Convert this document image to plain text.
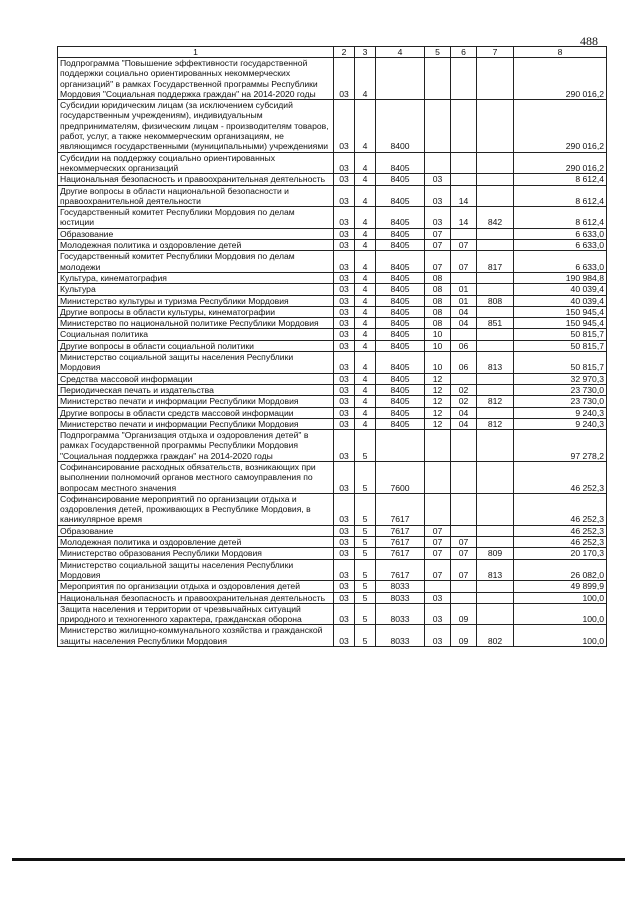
488
1	2	3	4	5	6	7	8
Подпрограмма "Повышение эффективности государственной поддержки социально ориентированных некоммерческих организаций" в рамках Государственной программы Республики Мордовия "Социальная поддержка граждан" на 2014-2020 годы	03	4					290 016,2
Субсидии юридическим лицам (за исключением субсидий государственным учреждениям), индивидуальным предпринимателям, физическим лицам - производителям товаров, работ, услуг, а также некоммерческим организациям, не являющимся государственными (муниципальными) учреждениями	03	4	8400				290 016,2
Субсидии на поддержку социально ориентированных некоммерческих организаций	03	4	8405				290 016,2
Национальная безопасность и правоохранительная деятельность	03	4	8405	03			8 612,4
Другие вопросы в области национальной безопасности и правоохранительной деятельности	03	4	8405	03	14		8 612,4
Государственный комитет Республики Мордовия по делам юстиции	03	4	8405	03	14	842	8 612,4
Образование	03	4	8405	07			6 633,0
Молодежная политика и оздоровление детей	03	4	8405	07	07		6 633,0
Государственный комитет Республики Мордовия по делам молодежи	03	4	8405	07	07	817	6 633,0
Культура, кинематография	03	4	8405	08			190 984,8
Культура	03	4	8405	08	01		40 039,4
Министерство культуры и туризма Республики Мордовия	03	4	8405	08	01	808	40 039,4
Другие вопросы в области культуры, кинематографии	03	4	8405	08	04		150 945,4
Министерство по национальной политике Республики Мордовия	03	4	8405	08	04	851	150 945,4
Социальная политика	03	4	8405	10			50 815,7
Другие вопросы в области социальной политики	03	4	8405	10	06		50 815,7
Министерство социальной защиты населения Республики Мордовия	03	4	8405	10	06	813	50 815,7
Средства массовой информации	03	4	8405	12			32 970,3
Периодическая печать и издательства	03	4	8405	12	02		23 730,0
Министерство печати и информации Республики Мордовия	03	4	8405	12	02	812	23 730,0
Другие вопросы в области средств массовой информации	03	4	8405	12	04		9 240,3
Министерство печати и информации Республики Мордовия	03	4	8405	12	04	812	9 240,3
Подпрограмма "Организация отдыха и оздоровления детей" в рамках Государственной программы Республики Мордовия "Социальная поддержка граждан" на 2014-2020 годы	03	5					97 278,2
Софинансирование расходных обязательств, возникающих при выполнении полномочий органов местного самоуправления по вопросам местного значения	03	5	7600				46 252,3
Софинансирование мероприятий по организации отдыха и оздоровления детей, проживающих в Республике Мордовия, в каникулярное время	03	5	7617				46 252,3
Образование	03	5	7617	07			46 252,3
Молодежная политика и оздоровление детей	03	5	7617	07	07		46 252,3
Министерство образования Республики Мордовия	03	5	7617	07	07	809	20 170,3
Министерство социальной защиты населения Республики Мордовия	03	5	7617	07	07	813	26 082,0
Мероприятия по организации отдыха и оздоровления детей	03	5	8033				49 899,9
Национальная безопасность и правоохранительная деятельность	03	5	8033	03			100,0
Защита населения и территории от чрезвычайных ситуаций природного и техногенного характера, гражданская оборона	03	5	8033	03	09		100,0
Министерство жилищно-коммунального хозяйства и гражданской защиты населения Республики Мордовия	03	5	8033	03	09	802	100,0
